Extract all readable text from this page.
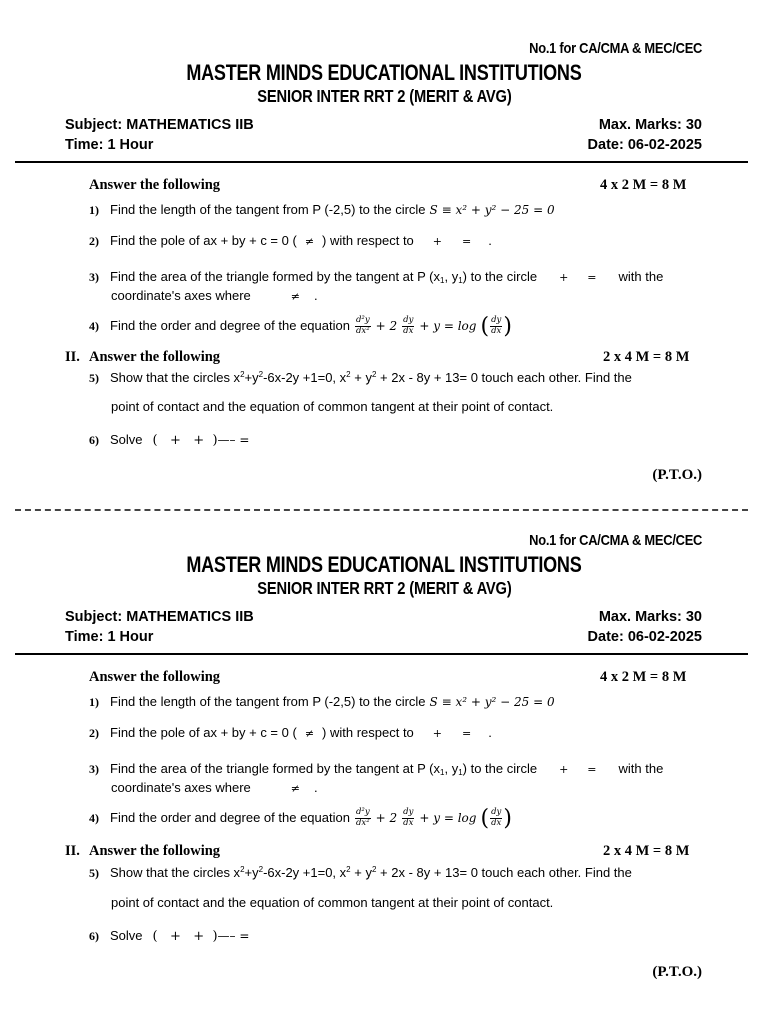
No.1 for CA/CMA & MEC/CEC
MASTER MINDS EDUCATIONAL INSTITUTIONS
SENIOR INTER RRT 2 (MERIT & AVG)
Subject: MATHEMATICS IIB
Time: 1 Hour
Max. Marks: 30
Date: 06-02-2025
Answer the following	4 x 2 M = 8 M
1) Find the length of the tangent from P (-2,5) to the circle S ≡ x² + y² − 25 = 0
2) Find the pole of ax + by + c = 0 ( ≠ ) with respect to + = .
3) Find the area of the triangle formed by the tangent at P ($x_1$, $y_1$) to the circle + = with the
coordinate's axes where	≠ .
4) Find the order and degree of the equation $\frac{\text{d²y}}{\text{dx²}} + 2 \frac{dy}{dx} + y = \log$ ( $\frac{dy}{dx}$ )
II. Answer the following	2 x 4 M = 8 M
5) Show that the circles $x^2+y^2-6x-2y +1=0$, $x^2 + y^2 + 2x - 8y + 13= 0$ touch each other. Find the
point of contact and the equation of common tangent at their point of contact.
6) Solve (   +   +  )—– =
(P.T.O.)
No.1 for CA/CMA & MEC/CEC
MASTER MINDS EDUCATIONAL INSTITUTIONS
SENIOR INTER RRT 2 (MERIT & AVG)
Subject: MATHEMATICS IIB
Time: 1 Hour
Max. Marks: 30
Date: 06-02-2025
Answer the following	4 x 2 M = 8 M
1) Find the length of the tangent from P (-2,5) to the circle S ≡ x² + y² − 25 = 0
2) Find the pole of ax + by + c = 0 ( ≠ ) with respect to + = .
3) Find the area of the triangle formed by the tangent at P ($x_1$, $y_1$) to the circle + = with the
coordinate's axes where	≠ .
4) Find the order and degree of the equation $\frac{\text{d²y}}{\text{dx²}} + 2 \frac{dy}{dx} + y = \log$ ( $\frac{dy}{dx}$ )
II. Answer the following	2 x 4 M = 8 M
5) Show that the circles $x^2+y^2-6x-2y +1=0$, $x^2 + y^2 + 2x - 8y + 13= 0$ touch each other. Find the
point of contact and the equation of common tangent at their point of contact.
6) Solve (   +   +  )—– =
(P.T.O.)
